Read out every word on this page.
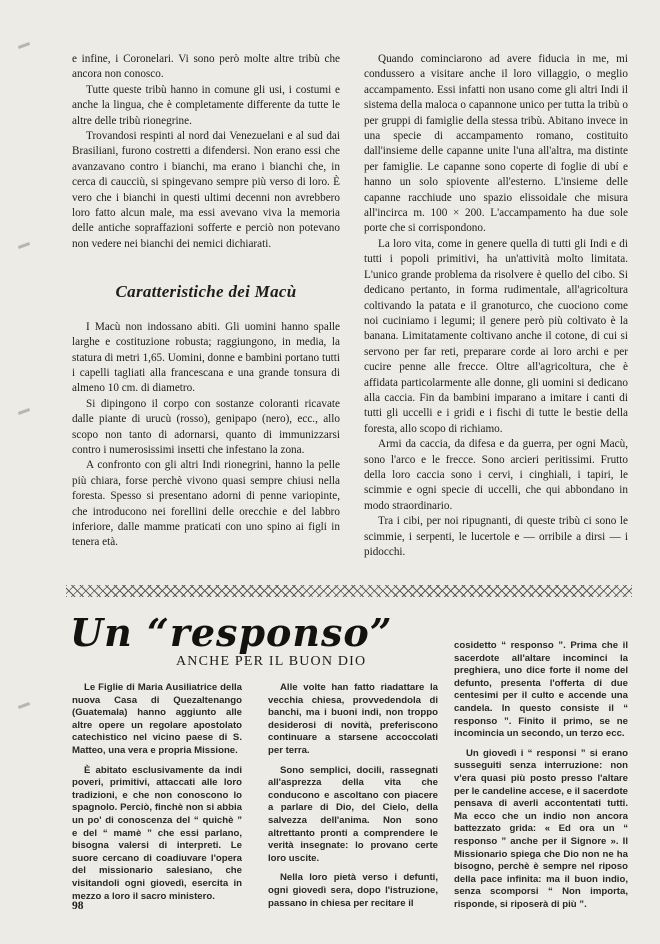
e infine, i Coronelari. Vi sono però molte altre tribù che ancora non conosco.

Tutte queste tribù hanno in comune gli usi, i costumi e anche la lingua, che è completamente differente da tutte le altre delle tribù rionegrine.

Trovandosi respinti al nord dai Venezuelani e al sud dai Brasiliani, furono costretti a difendersi. Non erano essi che avanzavano contro i bianchi, ma erano i bianchi che, in cerca di caucciù, si spingevano sempre più verso di loro. È vero che i bianchi in questi ultimi decenni non avrebbero loro fatto alcun male, ma essi avevano viva la memoria delle antiche sopraffazioni sofferte e perciò non potevano non vedere nei bianchi dei nemici dichiarati.

Caratteristiche dei Macù

I Macù non indossano abiti. Gli uomini hanno spalle larghe e costituzione robusta; raggiungono, in media, la statura di metri 1,65. Uomini, donne e bambini portano tutti i capelli tagliati alla francescana e una grande tonsura di almeno 10 cm. di diametro.

Si dipingono il corpo con sostanze coloranti ricavate dalle piante di urucù (rosso), genipapo (nero), ecc., allo scopo non tanto di adornarsi, quanto di immunizzarsi contro i numerosissimi insetti che infestano la zona.

A confronto con gli altri Indi rionegrini, hanno la pelle più chiara, forse perchè vivono quasi sempre chiusi nella foresta. Spesso si presentano adorni di penne variopinte, che introducono nei forellini delle orecchie e del labbro inferiore, dalle mamme praticati con uno spino ai figli in tenera età.

Quando cominciarono ad avere fiducia in me, mi condussero a visitare anche il loro villaggio, o meglio accampamento. Essi infatti non usano come gli altri Indi il sistema della maloca o capannone unico per tutta la tribù o per gruppi di famiglie della stessa tribù. Abitano invece in una specie di accampamento romano, costituito dall'insieme delle capanne unite l'una all'altra, ma distinte per famiglie. Le capanne sono coperte di foglie di ubí e hanno un solo spiovente all'esterno. L'insieme delle capanne racchiude uno spazio elissoidale che misura all'incirca m. 100 × 200. L'accampamento ha due sole porte che si corrispondono.

La loro vita, come in genere quella di tutti gli Indi e di tutti i popoli primitivi, ha un'attività molto limitata. L'unico grande problema da risolvere è quello del cibo. Si dedicano pertanto, in forma rudimentale, all'agricoltura coltivando la patata e il granoturco, che cuociono come noi cuciniamo i legumi; il genere però più coltivato è la banana. Limitatamente coltivano anche il cotone, di cui si servono per far reti, preparare corde ai loro archi e per cucire penne alle frecce. Oltre all'agricoltura, che è affidata particolarmente alle donne, gli uomini si dedicano alla caccia. Fin da bambini imparano a imitare i canti di tutti gli uccelli e i gridi e i fischi di tutte le bestie della foresta, allo scopo di richiamo.

Armi da caccia, da difesa e da guerra, per ogni Macù, sono l'arco e le frecce. Sono arcieri peritissimi. Frutto della loro caccia sono i cervi, i cinghiali, i tapiri, le scimmie e ogni specie di uccelli, che qui abbondano in modo straordinario.

Tra i cibi, per noi ripugnanti, di queste tribù ci sono le scimmie, i serpenti, le lucertole e — orribile a dirsi — i pidocchi.

Un “responso”
ANCHE PER IL BUON DIO

Le Figlie di Maria Ausiliatrice della nuova Casa di Quezaltenango (Guatemala) hanno aggiunto alle altre opere un regolare apostolato catechistico nel vicino paese di S. Matteo, una vera e propria Missione.

È abitato esclusivamente da indi poveri, primitivi, attaccati alle loro tradizioni, e che non conoscono lo spagnolo. Perciò, finchè non si abbia un po' di conoscenza del “ quichè ” e del “ mamè ” che essi parlano, bisogna valersi di interpreti. Le suore cercano di coadiuvare l'opera del missionario salesiano, che visitandoli ogni giovedì, esercita in mezzo a loro il sacro ministero.

Alle volte han fatto riadattare la vecchia chiesa, provvedendola di banchi, ma i buoni indi, non troppo desiderosi di novità, preferiscono continuare a starsene accoccolati per terra.

Sono semplici, docili, rassegnati all'asprezza della vita che conducono e ascoltano con piacere a parlare di Dio, del Cielo, della salvezza dell'anima. Non sono altrettanto pronti a comprendere le verità insegnate: lo provano certe loro uscite.

Nella loro pietà verso i defunti, ogni giovedì sera, dopo l'istruzione, passano in chiesa per recitare il

cosidetto “ responso ”. Prima che il sacerdote all'altare incominci la preghiera, uno dice forte il nome del defunto, presenta l'offerta di due centesimi per il culto e accende una candela. In questo consiste il “ responso ”. Finito il primo, se ne incomincia un secondo, un terzo ecc.

Un giovedì i “ responsi ” si erano susseguiti senza interruzione: non v'era quasi più posto presso l'altare per le candeline accese, e il sacerdote pensava di averli accontentati tutti. Ma ecco che un indio non ancora battezzato grida: « Ed ora un “ responso ” anche per il Signore ». Il Missionario spiega che Dio non ne ha bisogno, perchè è sempre nel riposo della pace infinita: ma il buon indio, senza scomporsi “ Non importa, risponde, si riposerà di più ”.

98
